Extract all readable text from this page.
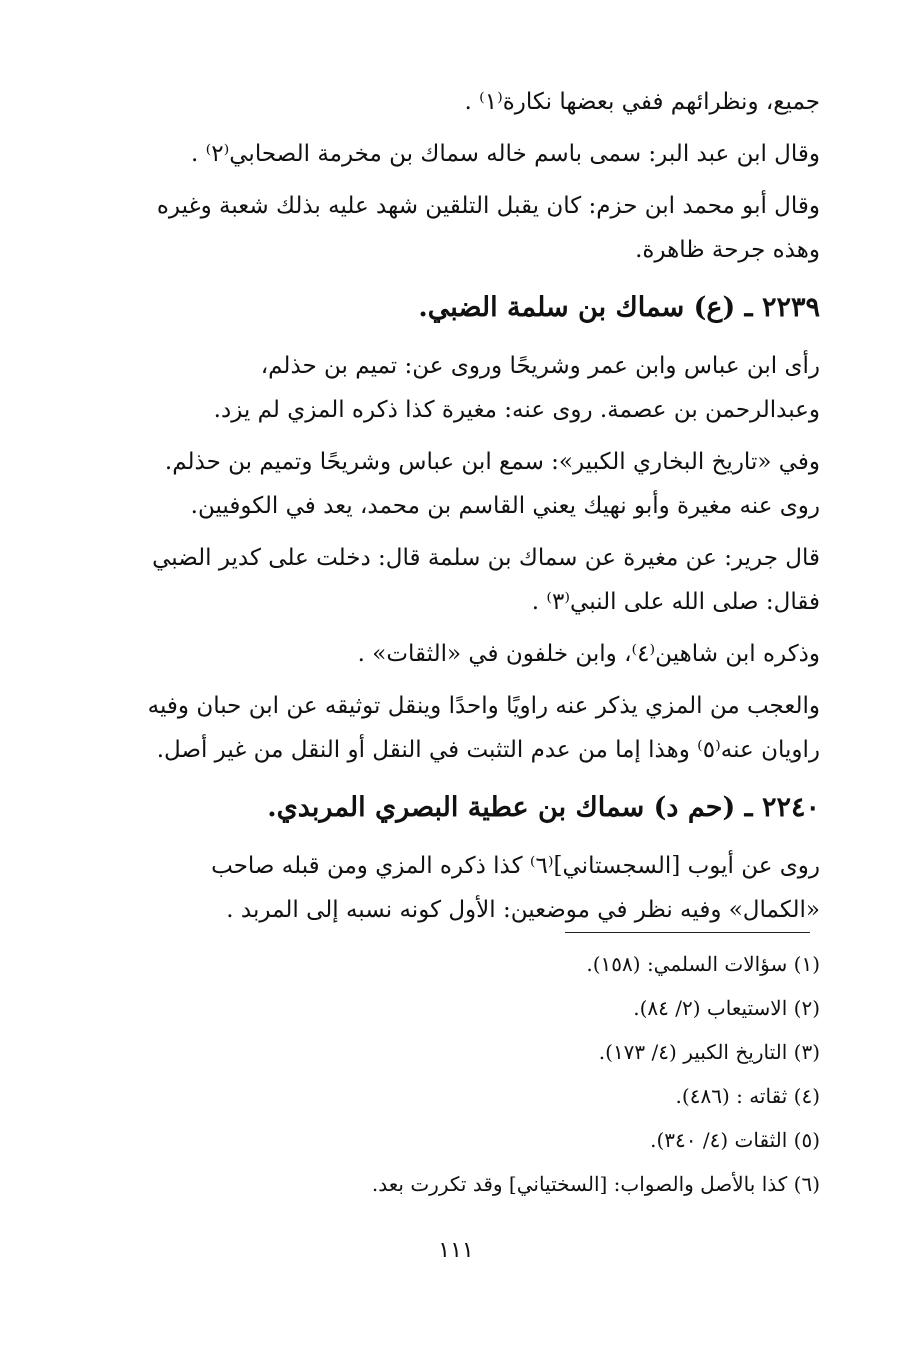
جميع، ونظرائهم ففي بعضها نكارة⁽١⁾ .
وقال ابن عبد البر: سمى باسم خاله سماك بن مخرمة الصحابي⁽٢⁾ .
وقال أبو محمد ابن حزم: كان يقبل التلقين شهد عليه بذلك شعبة وغيره
وهذه جرحة ظاهرة.
٢٢٣٩ ـ (ع) سماك بن سلمة الضبي.
رأى ابن عباس وابن عمر وشريحًا وروى عن: تميم بن حذلم،
وعبدالرحمن بن عصمة. روى عنه: مغيرة كذا ذكره المزي لم يزد.
وفي «تاريخ البخاري الكبير»: سمع ابن عباس وشريحًا وتميم بن حذلم.
روى عنه مغيرة وأبو نهيك يعني القاسم بن محمد، يعد في الكوفيين.
قال جرير: عن مغيرة عن سماك بن سلمة قال: دخلت على كدير الضبي
فقال: صلى الله على النبي⁽٣⁾ .
وذكره ابن شاهين⁽٤⁾، وابن خلفون في «الثقات» .
والعجب من المزي يذكر عنه راويًا واحدًا وينقل توثيقه عن ابن حبان وفيه
راويان عنه⁽٥⁾ وهذا إما من عدم التثبت في النقل أو النقل من غير أصل.
٢٢٤٠ ـ (حم د) سماك بن عطية البصري المربدي.
روى عن أيوب [السجستاني]⁽٦⁾ كذا ذكره المزي ومن قبله صاحب
«الكمال» وفيه نظر في موضعين: الأول كونه نسبه إلى المربد .

(١) سؤالات السلمي: (١٥٨).

(٢) الاستيعاب (٢/ ٨٤).

(٣) التاريخ الكبير (٤/ ١٧٣).

(٤) ثقاته : (٤٨٦).

(٥) الثقات (٤/ ٣٤٠).

(٦) كذا بالأصل والصواب: [السختياني] وقد تكررت بعد.

١١١
